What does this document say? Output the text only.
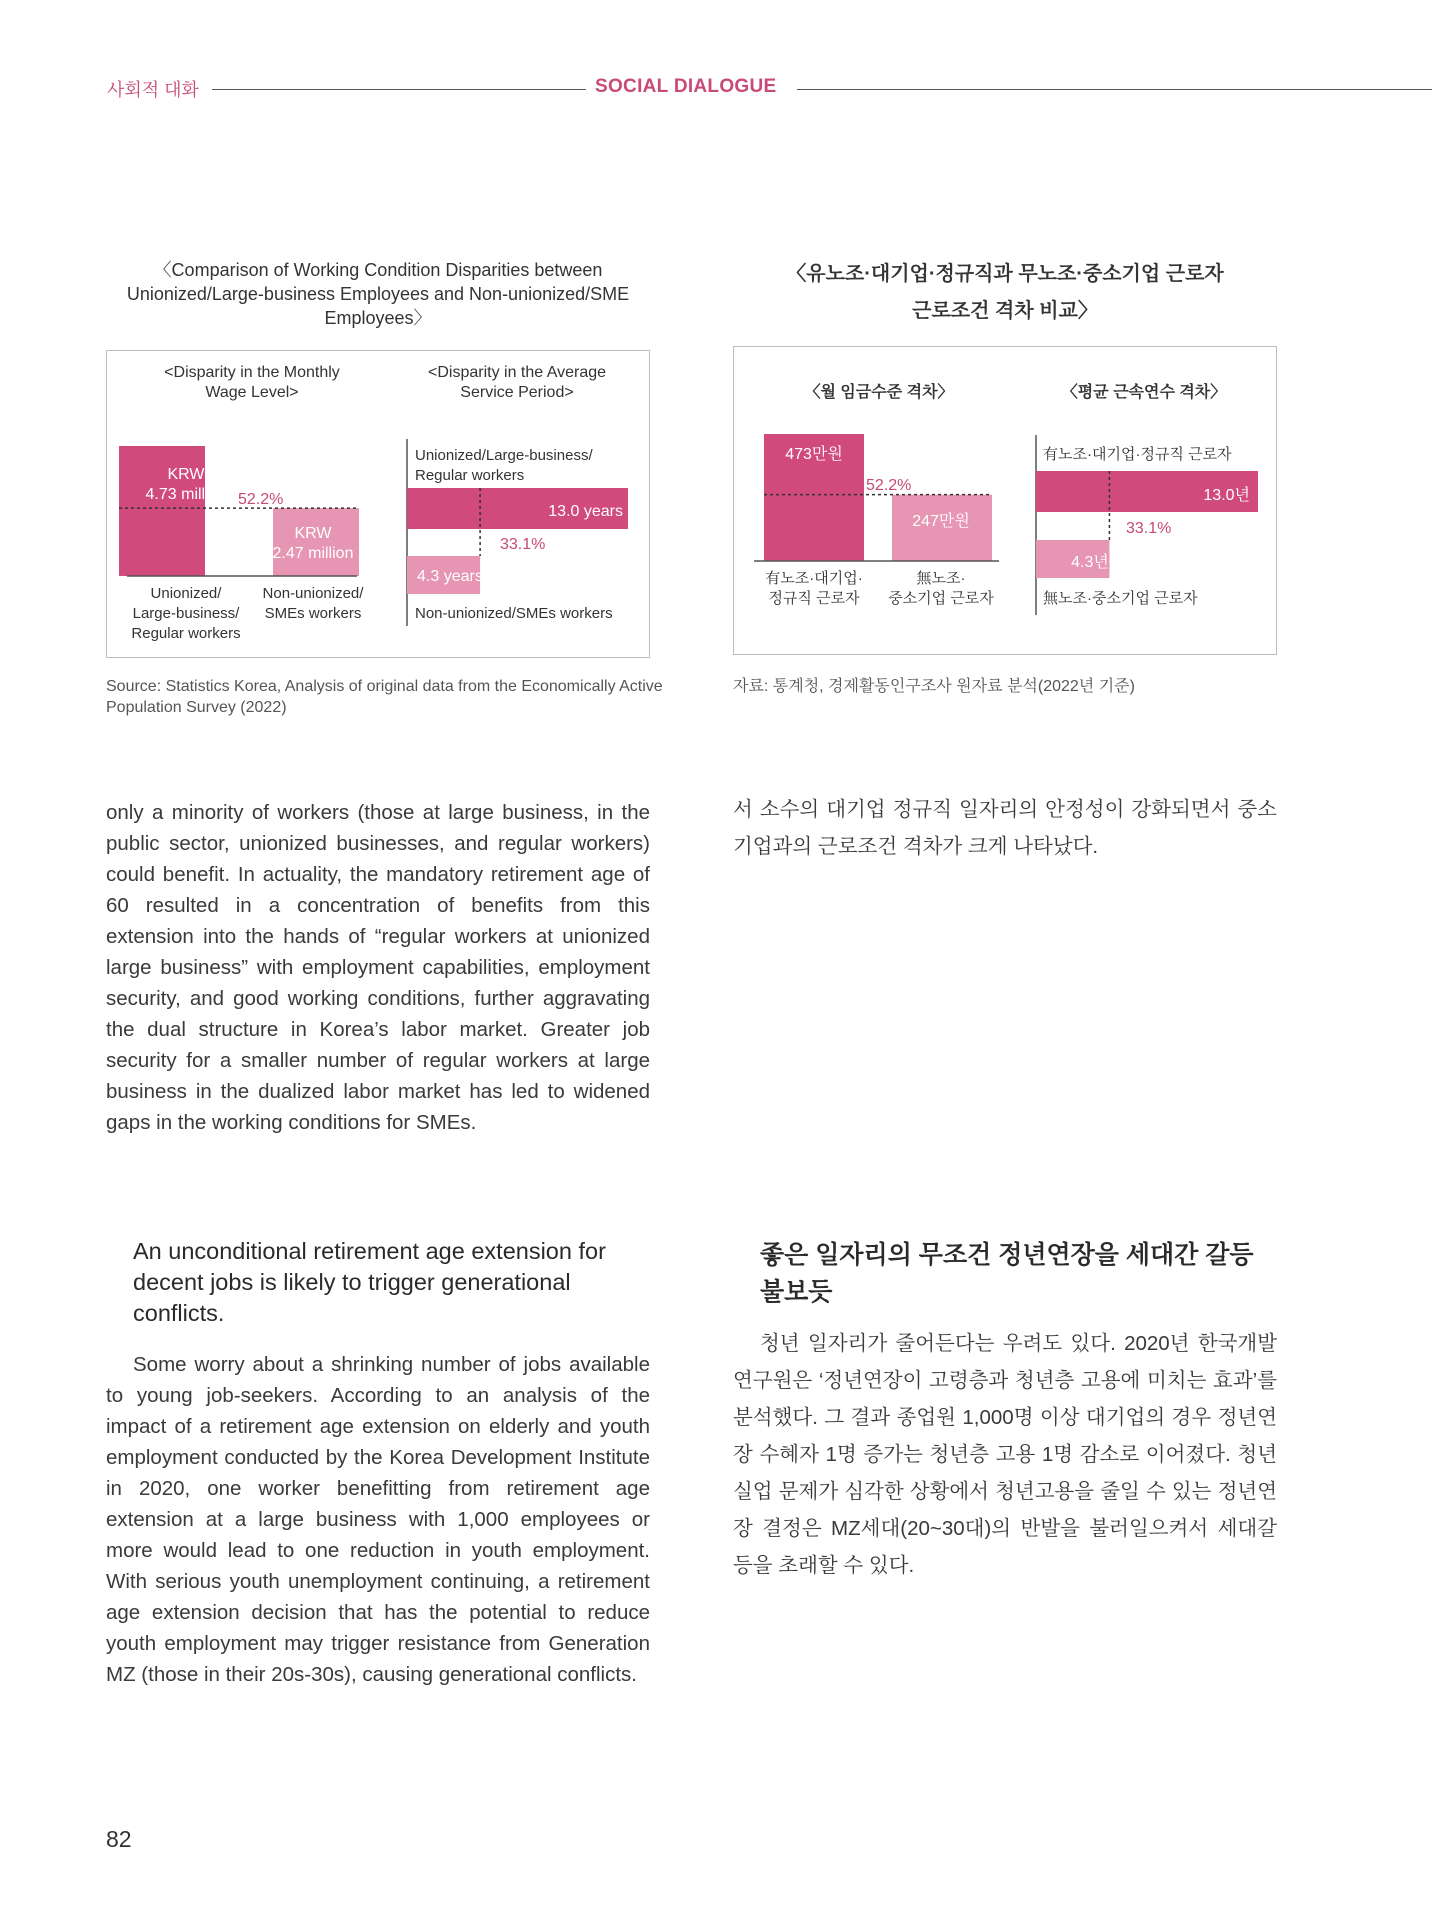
사회적 대화	SOCIAL DIALOGUE
〈Comparison of Working Condition Disparities between Unionized/Large-business Employees and Non-unionized/SME Employees〉
<Disparity in the Monthly
Wage Level>
<Disparity in the Average
Service Period>
KRW
4.73 million
KRW
2.47 million
52.2%
Unionized/
Large-business/
Regular workers
Non-unionized/
SMEs workers
Unionized/Large-business/
Regular workers
13.0 years
4.3 years
33.1%
Non-unionized/SMEs workers
Source: Statistics Korea, Analysis of original data from the Economically Active Population Survey (2022)
〈유노조·대기업·정규직과 무노조·중소기업 근로자
근로조건 격차 비교〉
〈월 임금수준 격차〉	〈평균 근속연수 격차〉
473만원
247만원
52.2%
有노조·대기업·
정규직 근로자
無노조·
중소기업 근로자
有노조·대기업·정규직 근로자
13.0년
4.3년
33.1%
無노조·중소기업 근로자
자료: 통계청, 경제활동인구조사 원자료 분석(2022년 기준)
only a minority of workers (those at large business, in the public sector, unionized businesses, and regular workers) could benefit. In actuality, the mandatory retirement age of 60 resulted in a concentration of benefits from this extension into the hands of “regular workers at unionized large business” with employment capabilities, employment security, and good working conditions, further aggravating the dual structure in Korea’s labor market. Greater job security for a smaller number of regular workers at large business in the dualized labor market has led to widened gaps in the working conditions for SMEs.
서 소수의 대기업 정규직 일자리의 안정성이 강화되면서 중소기업과의 근로조건 격차가 크게 나타났다.
An unconditional retirement age extension for decent jobs is likely to trigger generational conflicts.
좋은 일자리의 무조건 정년연장을 세대간 갈등 불보듯
Some worry about a shrinking number of jobs available to young job-seekers. According to an analysis of the impact of a retirement age extension on elderly and youth employment conducted by the Korea Development Institute in 2020, one worker benefitting from retirement age extension at a large business with 1,000 employees or more would lead to one reduction in youth employment. With serious youth unemployment continuing, a retirement age extension decision that has the potential to reduce youth employment may trigger resistance from Generation MZ (those in their 20s-30s), causing generational conflicts.
청년 일자리가 줄어든다는 우려도 있다. 2020년 한국개발연구원은 ‘정년연장이 고령층과 청년층 고용에 미치는 효과’를 분석했다. 그 결과 종업원 1,000명 이상 대기업의 경우 정년연장 수혜자 1명 증가는 청년층 고용 1명 감소로 이어졌다. 청년실업 문제가 심각한 상황에서 청년고용을 줄일 수 있는 정년연장 결정은 MZ세대(20~30대)의 반발을 불러일으켜서 세대갈등을 초래할 수 있다.
82
